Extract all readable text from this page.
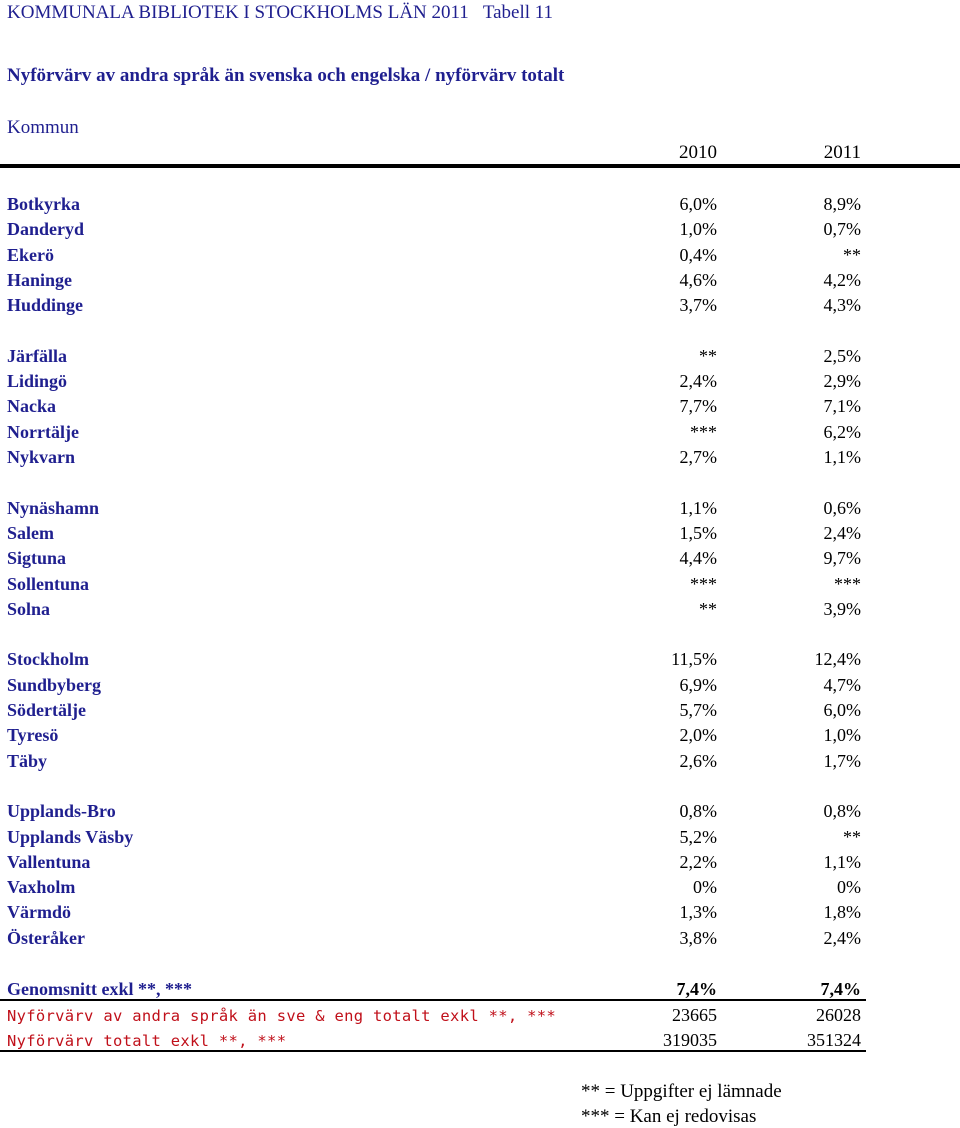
KOMMUNALA BIBLIOTEK I STOCKHOLMS LÄN 2011 Tabell 11
Nyförvärv av andra språk än svenska och engelska / nyförvärv totalt
Kommun
2010	2011
Botkyrka	6,0%	8,9%
Danderyd	1,0%	0,7%
Ekerö	0,4%	**
Haninge	4,6%	4,2%
Huddinge	3,7%	4,3%
Järfälla	**	2,5%
Lidingö	2,4%	2,9%
Nacka	7,7%	7,1%
Norrtälje	***	6,2%
Nykvarn	2,7%	1,1%
Nynäshamn	1,1%	0,6%
Salem	1,5%	2,4%
Sigtuna	4,4%	9,7%
Sollentuna	***	***
Solna	**	3,9%
Stockholm	11,5%	12,4%
Sundbyberg	6,9%	4,7%
Södertälje	5,7%	6,0%
Tyresö	2,0%	1,0%
Täby	2,6%	1,7%
Upplands-Bro	0,8%	0,8%
Upplands Väsby	5,2%	**
Vallentuna	2,2%	1,1%
Vaxholm	0%	0%
Värmdö	1,3%	1,8%
Österåker	3,8%	2,4%
Genomsnitt exkl **, ***	7,4%	7,4%
Nyförvärv av andra språk än sve & eng totalt exkl **, ***	23665	26028
Nyförvärv totalt exkl **, ***	319035	351324
** = Uppgifter ej lämnade
*** = Kan ej redovisas
